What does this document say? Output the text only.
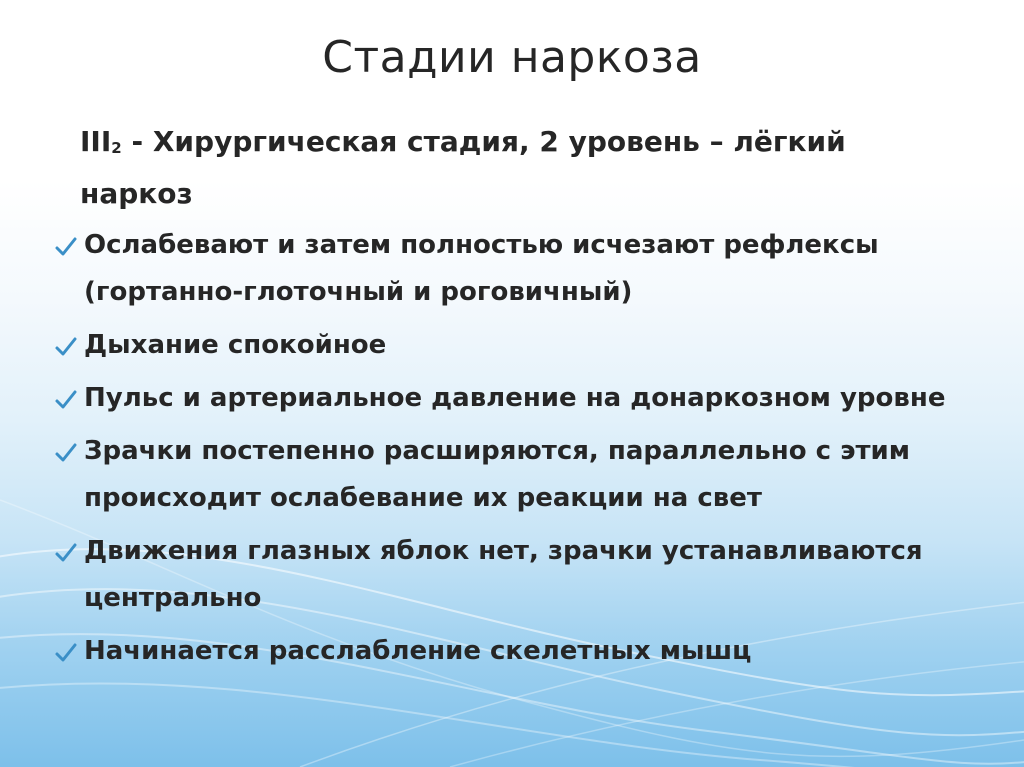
Стадии наркоза
$III_2$ - Хирургическая стадия, 2 уровень – лёгкий наркоз
Ослабевают и затем полностью исчезают рефлексы (гортанно-глоточный и роговичный)
Дыхание спокойное
Пульс и артериальное давление на донаркозном уровне
Зрачки постепенно расширяются, параллельно с этим происходит ослабевание их реакции на свет
Движения глазных яблок нет, зрачки устанавливаются центрально
Начинается расслабление скелетных мышц
